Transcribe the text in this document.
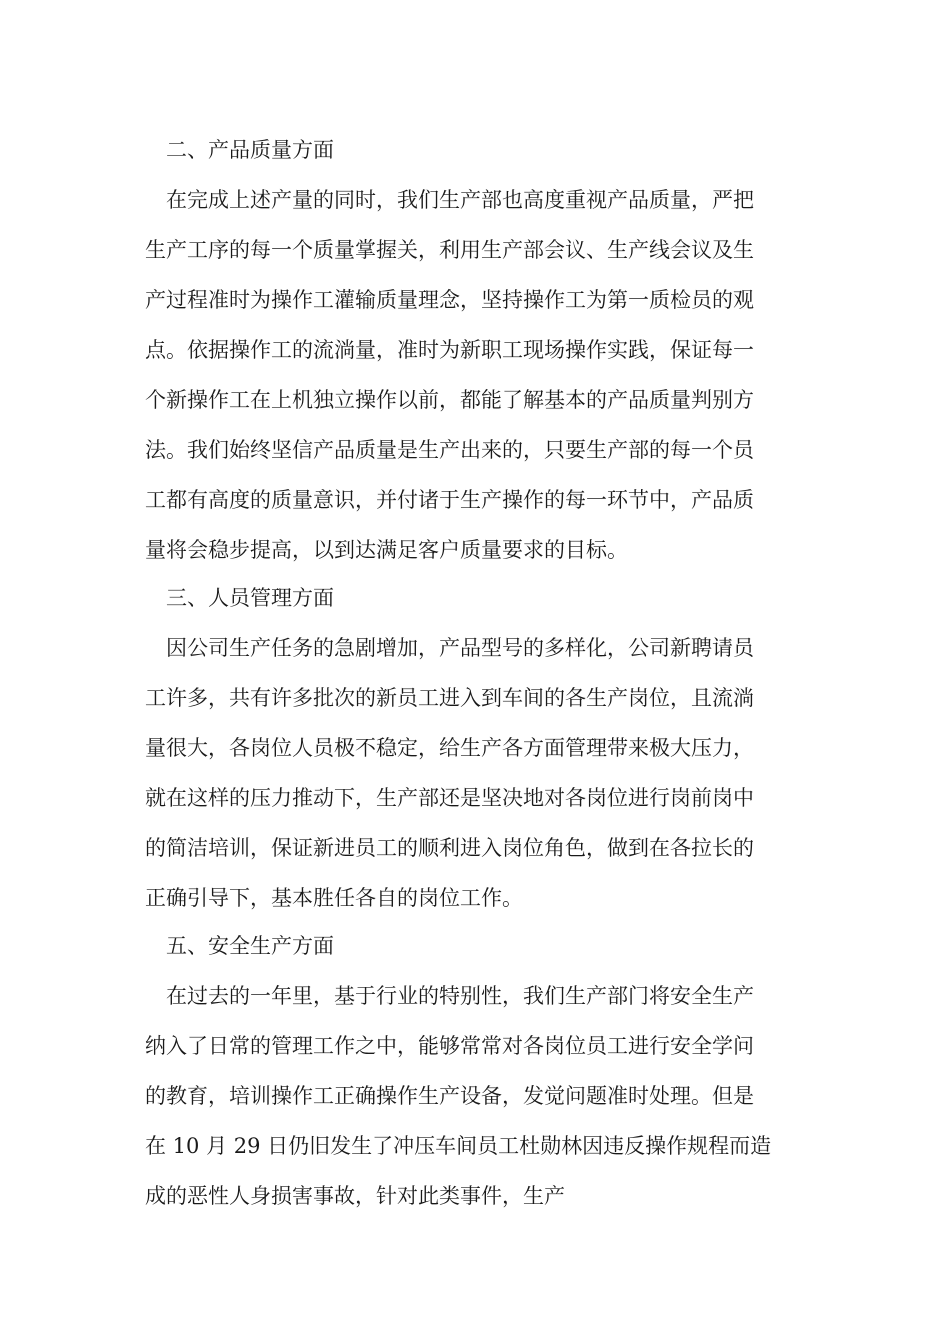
二、产品质量方面

在完成上述产量的同时，我们生产部也高度重视产品质量，严把

生产工序的每一个质量掌握关，利用生产部会议、生产线会议及生

产过程准时为操作工灌输质量理念，坚持操作工为第一质检员的观

点。依据操作工的流淌量，准时为新职工现场操作实践，保证每一

个新操作工在上机独立操作以前，都能了解基本的产品质量判别方

法。我们始终坚信产品质量是生产出来的，只要生产部的每一个员

工都有高度的质量意识，并付诸于生产操作的每一环节中，产品质

量将会稳步提高，以到达满足客户质量要求的目标。

三、人员管理方面

因公司生产任务的急剧增加，产品型号的多样化，公司新聘请员

工许多，共有许多批次的新员工进入到车间的各生产岗位，且流淌

量很大，各岗位人员极不稳定，给生产各方面管理带来极大压力，

就在这样的压力推动下，生产部还是坚决地对各岗位进行岗前岗中

的简洁培训，保证新进员工的顺利进入岗位角色，做到在各拉长的

正确引导下，基本胜任各自的岗位工作。

五、安全生产方面

在过去的一年里，基于行业的特别性，我们生产部门将安全生产

纳入了日常的管理工作之中，能够常常对各岗位员工进行安全学问

的教育，培训操作工正确操作生产设备，发觉问题准时处理。但是

在 10 月 29 日仍旧发生了冲压车间员工杜勋林因违反操作规程而造

成的恶性人身损害事故，针对此类事件，生产
